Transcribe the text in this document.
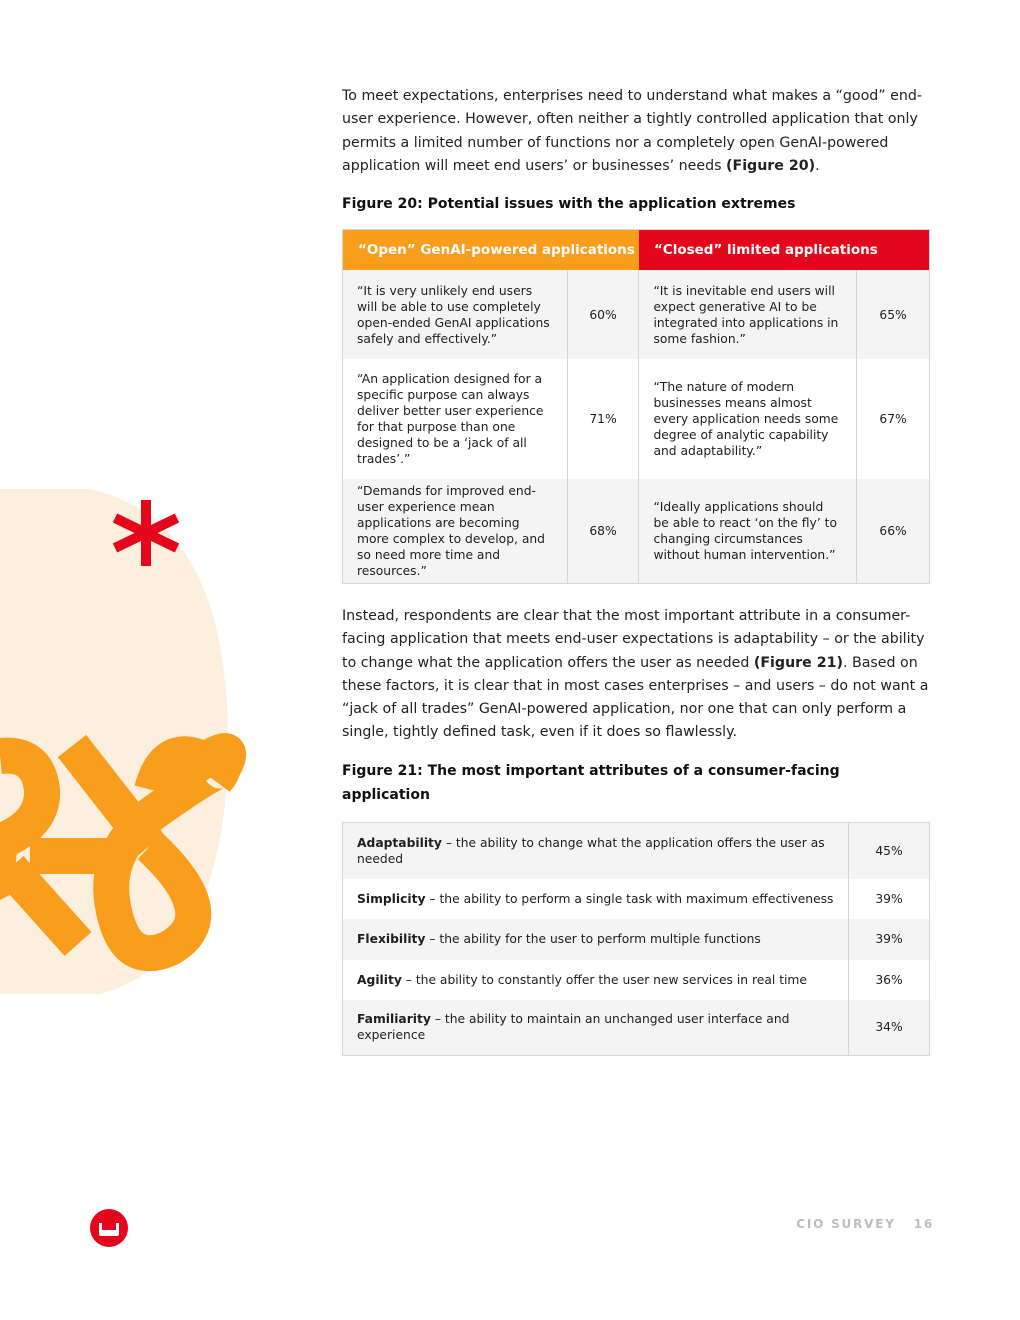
To meet expectations, enterprises need to understand what makes a “good” end-user experience. However, often neither a tightly controlled application that only permits a limited number of functions nor a completely open GenAI-powered application will meet end users’ or businesses’ needs (Figure 20).

Figure 20: Potential issues with the application extremes

“Open” GenAI-powered applications		“Closed” limited applications	
“It is very unlikely end users will be able to use completely open-ended GenAI applications safely and effectively.”	60%	“It is inevitable end users will expect generative AI to be integrated into applications in some fashion.”	65%
“An application designed for a specific purpose can always deliver better user experience for that purpose than one designed to be a ‘jack of all trades’.”	71%	“The nature of modern businesses means almost every application needs some degree of analytic capability and adaptability.”	67%
“Demands for improved end-user experience mean applications are becoming more complex to develop, and so need more time and resources.”	68%	“Ideally applications should be able to react ‘on the fly’ to changing circumstances without human intervention.”	66%

Instead, respondents are clear that the most important attribute in a consumer-facing application that meets end-user expectations is adaptability – or the ability to change what the application offers the user as needed (Figure 21). Based on these factors, it is clear that in most cases enterprises – and users – do not want a “jack of all trades” GenAI-powered application, nor one that can only perform a single, tightly defined task, even if it does so flawlessly.

Figure 21: The most important attributes of a consumer-facing application

Adaptability – the ability to change what the application offers the user as needed	45%
Simplicity – the ability to perform a single task with maximum effectiveness	39%
Flexibility – the ability for the user to perform multiple functions	39%
Agility – the ability to constantly offer the user new services in real time	36%
Familiarity – the ability to maintain an unchanged user interface and experience	34%
CIO SURVEY 16
